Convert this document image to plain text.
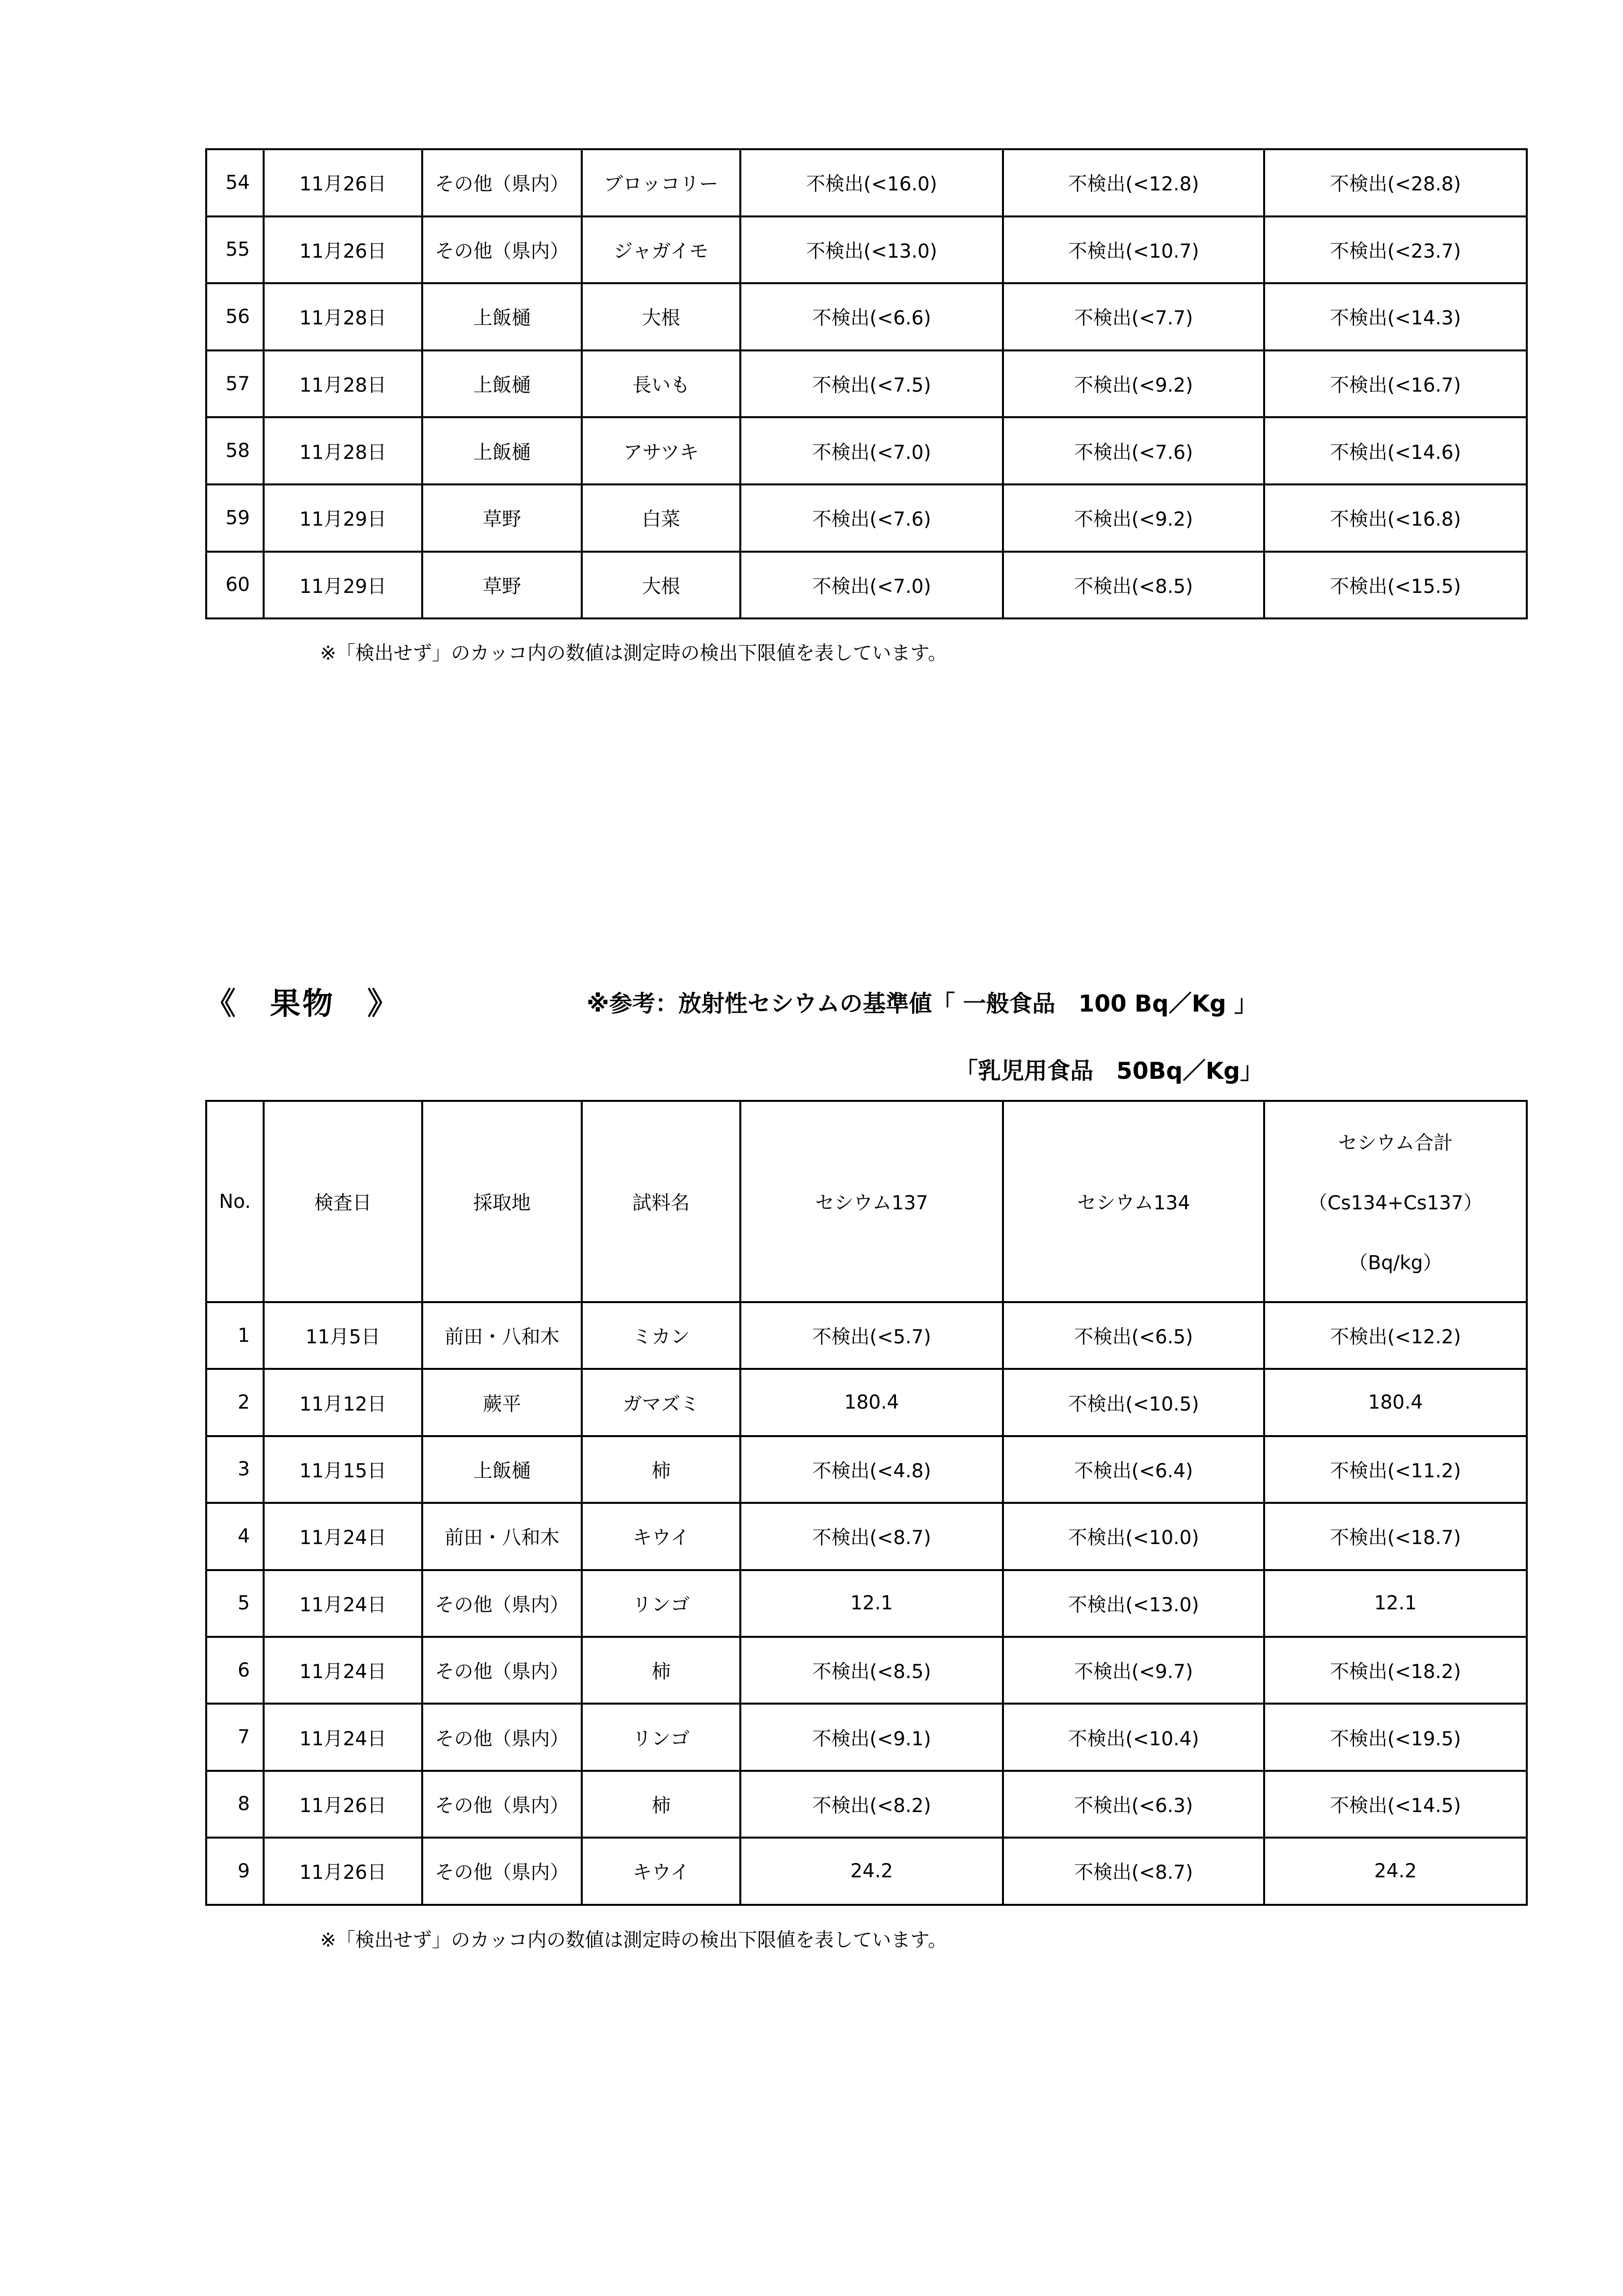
54	11月26日	その他（県内）	ブロッコリー	不検出(<16.0)	不検出(<12.8)	不検出(<28.8)
55	11月26日	その他（県内）	ジャガイモ	不検出(<13.0)	不検出(<10.7)	不検出(<23.7)
56	11月28日	上飯樋	大根	不検出(<6.6)	不検出(<7.7)	不検出(<14.3)
57	11月28日	上飯樋	長いも	不検出(<7.5)	不検出(<9.2)	不検出(<16.7)
58	11月28日	上飯樋	アサツキ	不検出(<7.0)	不検出(<7.6)	不検出(<14.6)
59	11月29日	草野	白菜	不検出(<7.6)	不検出(<9.2)	不検出(<16.8)
60	11月29日	草野	大根	不検出(<7.0)	不検出(<8.5)	不検出(<15.5)
※「検出せず」のカッコ内の数値は測定時の検出下限値を表しています。
《　果物　》	※参考：放射性セシウムの基準値「 一般食品　100 Bq／Kg 」
「乳児用食品　50Bq／Kg」
No.	検査日	採取地	試料名	セシウム137	セシウム134	セシウム合計
（Cs134+Cs137）
（Bq/kg）

1	11月5日	前田・八和木	ミカン	不検出(<5.7)	不検出(<6.5)	不検出(<12.2)
2	11月12日	蕨平	ガマズミ	180.4	不検出(<10.5)	180.4
3	11月15日	上飯樋	柿	不検出(<4.8)	不検出(<6.4)	不検出(<11.2)
4	11月24日	前田・八和木	キウイ	不検出(<8.7)	不検出(<10.0)	不検出(<18.7)
5	11月24日	その他（県内）	リンゴ	12.1	不検出(<13.0)	12.1
6	11月24日	その他（県内）	柿	不検出(<8.5)	不検出(<9.7)	不検出(<18.2)
7	11月24日	その他（県内）	リンゴ	不検出(<9.1)	不検出(<10.4)	不検出(<19.5)
8	11月26日	その他（県内）	柿	不検出(<8.2)	不検出(<6.3)	不検出(<14.5)
9	11月26日	その他（県内）	キウイ	24.2	不検出(<8.7)	24.2
※「検出せず」のカッコ内の数値は測定時の検出下限値を表しています。
